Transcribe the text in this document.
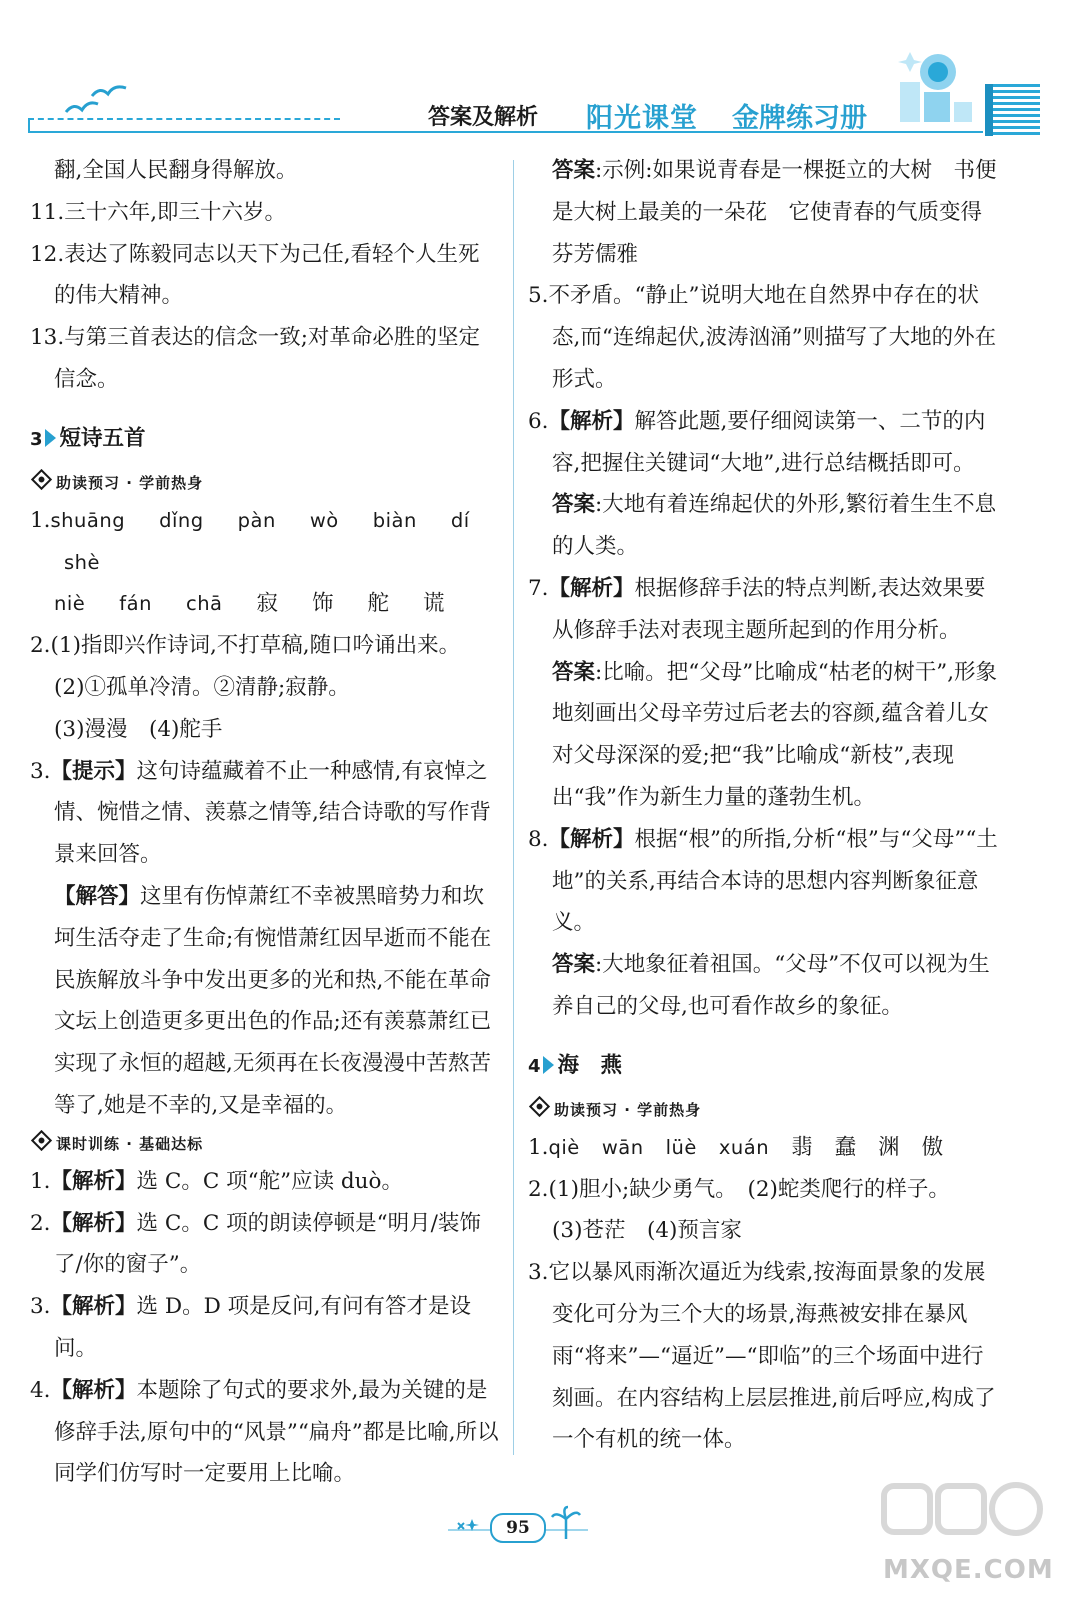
答案及解析 阳光课堂 金牌练习册

翻,全国人民翻身得解放。

11.三十六年,即三十六岁。

12.表达了陈毅同志以天下为己任,看轻个人生死的伟大精神。

13.与第三首表达的信念一致;对革命必胜的坚定信念。

3 短诗五首
助读预习 · 学前热身
1.shuāng dǐng pàn wò biàn díshè
niè fán chā 寂 饰 舵 谎

2.(1)指即兴作诗词,不打草稿,随口吟诵出来。

(2)①孤单冷清。②清静;寂静。

(3)漫漫　(4)舵手

3.【提示】这句诗蕴藏着不止一种感情,有哀悼之情、惋惜之情、羡慕之情等,结合诗歌的写作背景来回答。

【解答】这里有伤悼萧红不幸被黑暗势力和坎坷生活夺走了生命;有惋惜萧红因早逝而不能在民族解放斗争中发出更多的光和热,不能在革命文坛上创造更多更出色的作品;还有羡慕萧红已实现了永恒的超越,无须再在长夜漫漫中苦熬苦等了,她是不幸的,又是幸福的。

课时训练 · 基础达标

1.【解析】选 C。C 项“舵”应读 duò。

2.【解析】选 C。C 项的朗读停顿是“明月/装饰了/你的窗子”。

3.【解析】选 D。D 项是反问,有问有答才是设问。

4.【解析】本题除了句式的要求外,最为关键的是修辞手法,原句中的“风景”“扁舟”都是比喻,所以同学们仿写时一定要用上比喻。

答案:示例:如果说青春是一棵挺立的大树　书便是大树上最美的一朵花　它使青春的气质变得芬芳儒雅

5.不矛盾。“静止”说明大地在自然界中存在的状态,而“连绵起伏,波涛汹涌”则描写了大地的外在形式。

6.【解析】解答此题,要仔细阅读第一、二节的内容,把握住关键词“大地”,进行总结概括即可。

答案:大地有着连绵起伏的外形,繁衍着生生不息的人类。

7.【解析】根据修辞手法的特点判断,表达效果要从修辞手法对表现主题所起到的作用分析。

答案:比喻。把“父母”比喻成“枯老的树干”,形象地刻画出父母辛劳过后老去的容颜,蕴含着儿女对父母深深的爱;把“我”比喻成“新枝”,表现出“我”作为新生力量的蓬勃生机。

8.【解析】根据“根”的所指,分析“根”与“父母”“土地”的关系,再结合本诗的思想内容判断象征意义。

答案:大地象征着祖国。“父母”不仅可以视为生养自己的父母,也可看作故乡的象征。

4 海　燕
助读预习 · 学前热身
1.qiè wān lüè xuán 翡 蠢 渊 傲

2.(1)胆小;缺少勇气。　(2)蛇类爬行的样子。

(3)苍茫　(4)预言家

3.它以暴风雨渐次逼近为线索,按海面景象的发展变化可分为三个大的场景,海燕被安排在暴风雨“将来”—“逼近”—“即临”的三个场面中进行刻画。在内容结构上层层推进,前后呼应,构成了一个有机的统一体。

95
MXQE.COM
